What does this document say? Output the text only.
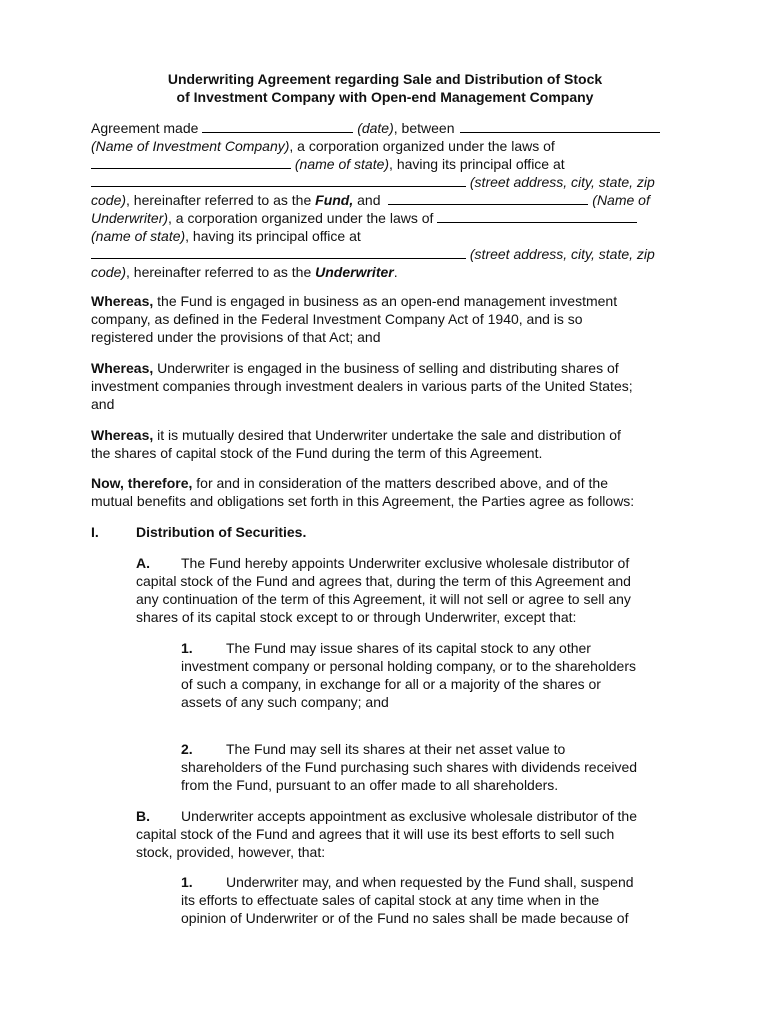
Underwriting Agreement regarding Sale and Distribution of Stock
of Investment Company with Open-end Management Company
Agreement made	(date), between
(Name of Investment Company), a corporation organized under the laws of
(name of state), having its principal office at
(street address, city, state, zip
code), hereinafter referred to as the Fund, and	(Name of
Underwriter), a corporation organized under the laws of
(name of state), having its principal office at
(street address, city, state, zip
code), hereinafter referred to as the Underwriter.
Whereas, the Fund is engaged in business as an open-end management investment
company, as defined in the Federal Investment Company Act of 1940, and is so
registered under the provisions of that Act; and
Whereas, Underwriter is engaged in the business of selling and distributing shares of
investment companies through investment dealers in various parts of the United States;
and
Whereas, it is mutually desired that Underwriter undertake the sale and distribution of
the shares of capital stock of the Fund during the term of this Agreement.
Now, therefore, for and in consideration of the matters described above, and of the
mutual benefits and obligations set forth in this Agreement, the Parties agree as follows:
I.	Distribution of Securities.
A. The Fund hereby appoints Underwriter exclusive wholesale distributor of
capital stock of the Fund and agrees that, during the term of this Agreement and
any continuation of the term of this Agreement, it will not sell or agree to sell any
shares of its capital stock except to or through Underwriter, except that:
1. The Fund may issue shares of its capital stock to any other
investment company or personal holding company, or to the shareholders
of such a company, in exchange for all or a majority of the shares or
assets of any such company; and
2. The Fund may sell its shares at their net asset value to
shareholders of the Fund purchasing such shares with dividends received
from the Fund, pursuant to an offer made to all shareholders.
B. Underwriter accepts appointment as exclusive wholesale distributor of the
capital stock of the Fund and agrees that it will use its best efforts to sell such
stock, provided, however, that:
1. Underwriter may, and when requested by the Fund shall, suspend
its efforts to effectuate sales of capital stock at any time when in the
opinion of Underwriter or of the Fund no sales shall be made because of
